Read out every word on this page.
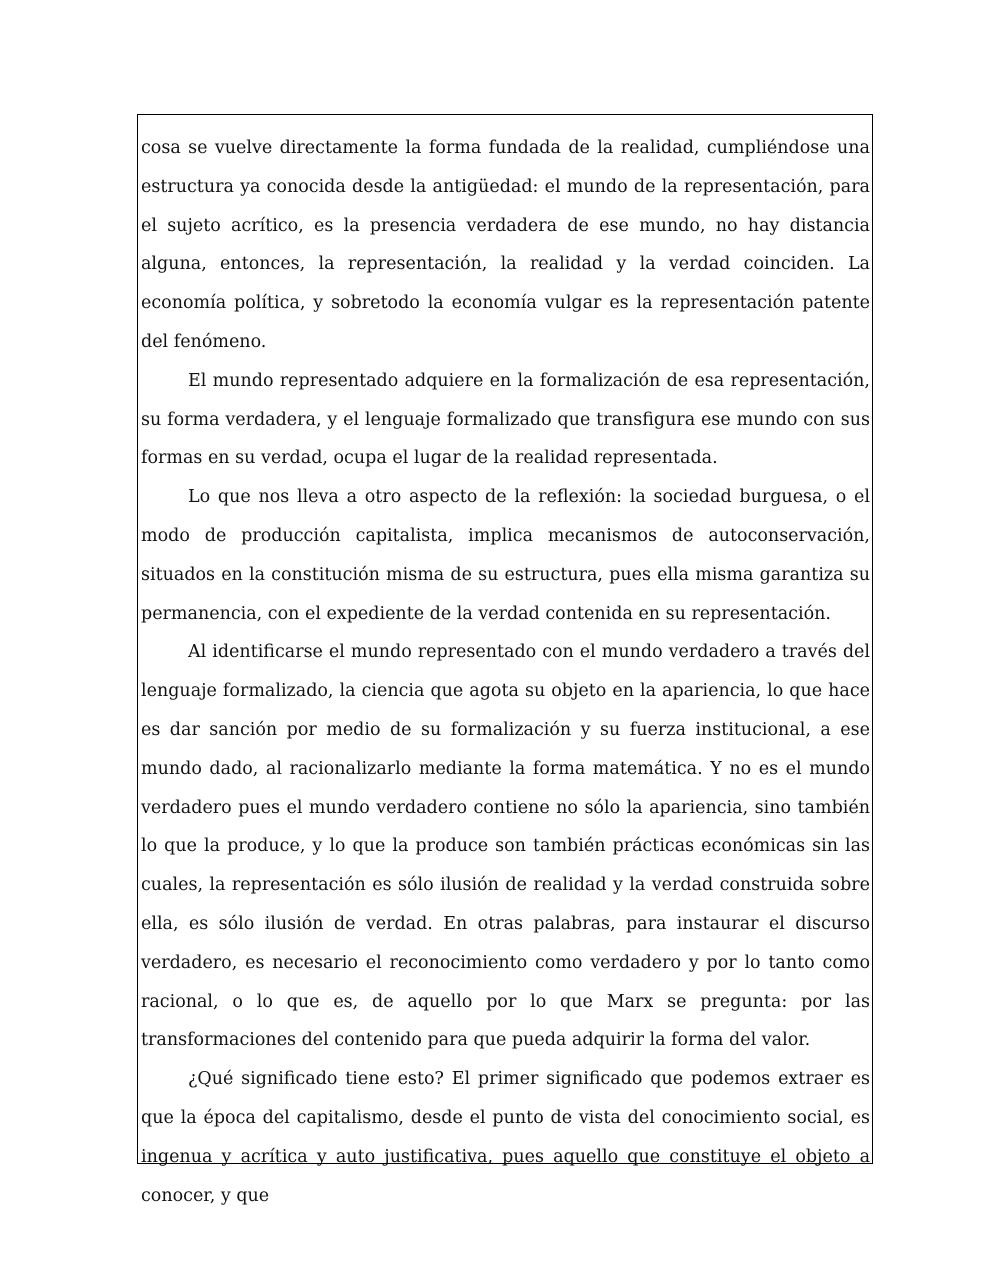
cosa se vuelve directamente la forma fundada de la realidad, cumpliéndose una estructura ya conocida desde la antigüedad: el mundo de la representación, para el sujeto acrítico, es la presencia verdadera de ese mundo, no hay distancia alguna, entonces, la representación, la realidad y la verdad coinciden. La economía política, y sobretodo la economía vulgar es la representación patente del fenómeno.

El mundo representado adquiere en la formalización de esa representación, su forma verdadera, y el lenguaje formalizado que transfigura ese mundo con sus formas en su verdad, ocupa el lugar de la realidad representada.

Lo que nos lleva a otro aspecto de la reflexión: la sociedad burguesa, o el modo de producción capitalista, implica mecanismos de autoconservación, situados en la constitución misma de su estructura, pues ella misma garantiza su permanencia, con el expediente de la verdad contenida en su representación.

Al identificarse el mundo representado con el mundo verdadero a través del lenguaje formalizado, la ciencia que agota su objeto en la apariencia, lo que hace es dar sanción por medio de su formalización y su fuerza institucional, a ese mundo dado, al racionalizarlo mediante la forma matemática. Y no es el mundo verdadero pues el mundo verdadero contiene no sólo la apariencia, sino también lo que la produce, y lo que la produce son también prácticas económicas sin las cuales, la representación es sólo ilusión de realidad y la verdad construida sobre ella, es sólo ilusión de verdad. En otras palabras, para instaurar el discurso verdadero, es necesario el reconocimiento como verdadero y por lo tanto como racional, o lo que es, de aquello por lo que Marx se pregunta: por las transformaciones del contenido para que pueda adquirir la forma del valor.

¿Qué significado tiene esto? El primer significado que podemos extraer es que la época del capitalismo, desde el punto de vista del conocimiento social, es ingenua y acrítica y auto justificativa, pues aquello que constituye el objeto a conocer, y que
